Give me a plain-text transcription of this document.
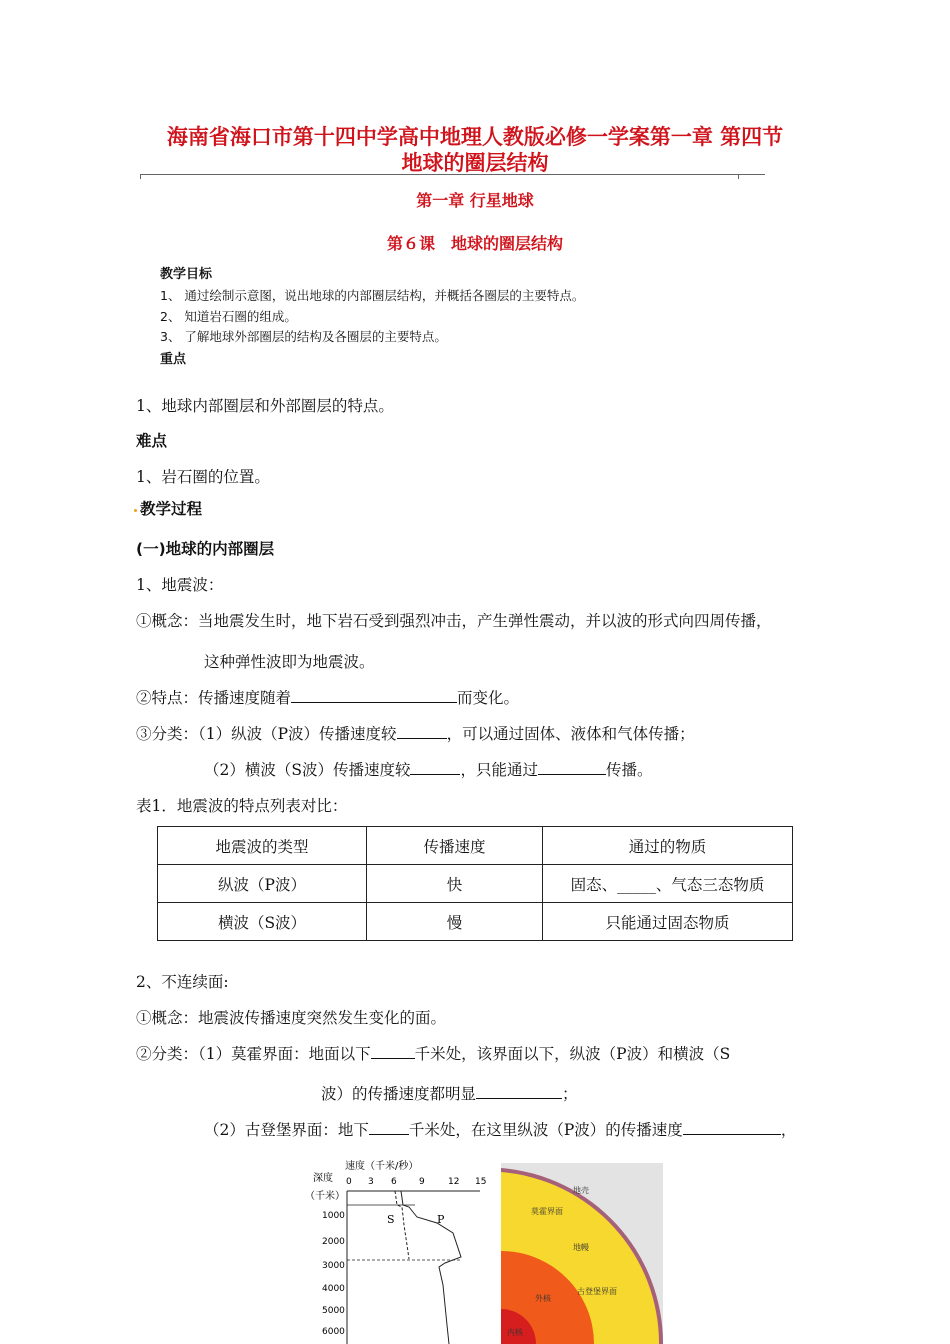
海南省海口市第十四中学高中地理人教版必修一学案第一章 第四节
地球的圈层结构
第一章 行星地球
第６课　地球的圈层结构
教学目标
1、 通过绘制示意图，说出地球的内部圈层结构，并概括各圈层的主要特点。
2、 知道岩石圈的组成。
3、 了解地球外部圈层的结构及各圈层的主要特点。
重点
1、地球内部圈层和外部圈层的特点。
难点
1、岩石圈的位置。
教学过程
(一)地球的内部圈层
1、地震波：
①概念：当地震发生时，地下岩石受到强烈冲击，产生弹性震动，并以波的形式向四周传播，
这种弹性波即为地震波。
②特点：传播速度随着	而变化。
③分类：（1）纵波（P波）传播速度较	，可以通过固体、液体和气体传播；
（2）横波（S波）传播速度较	，只能通过	传播。
表1．地震波的特点列表对比：
地震波的类型	传播速度	通过的物质
纵波（P波）	快	固态、_____、气态三态物质
横波（S波）	慢	只能通过固态物质
2、不连续面:
①概念：地震波传播速度突然发生变化的面。
②分类：（1）莫霍界面：地面以下	千米处，该界面以下，纵波（P波）和横波（S
波）的传播速度都明显	；
（2）古登堡界面：地下	千米处，在这里纵波（P波）的传播速度	，
速度（千米/秒）
深度
（千米）
0 3 6 9	12 15
1000
2000
3000
4000
5000
6000
S	P
地壳
莫霍界面
地幔
外核
古登堡界面
内核
